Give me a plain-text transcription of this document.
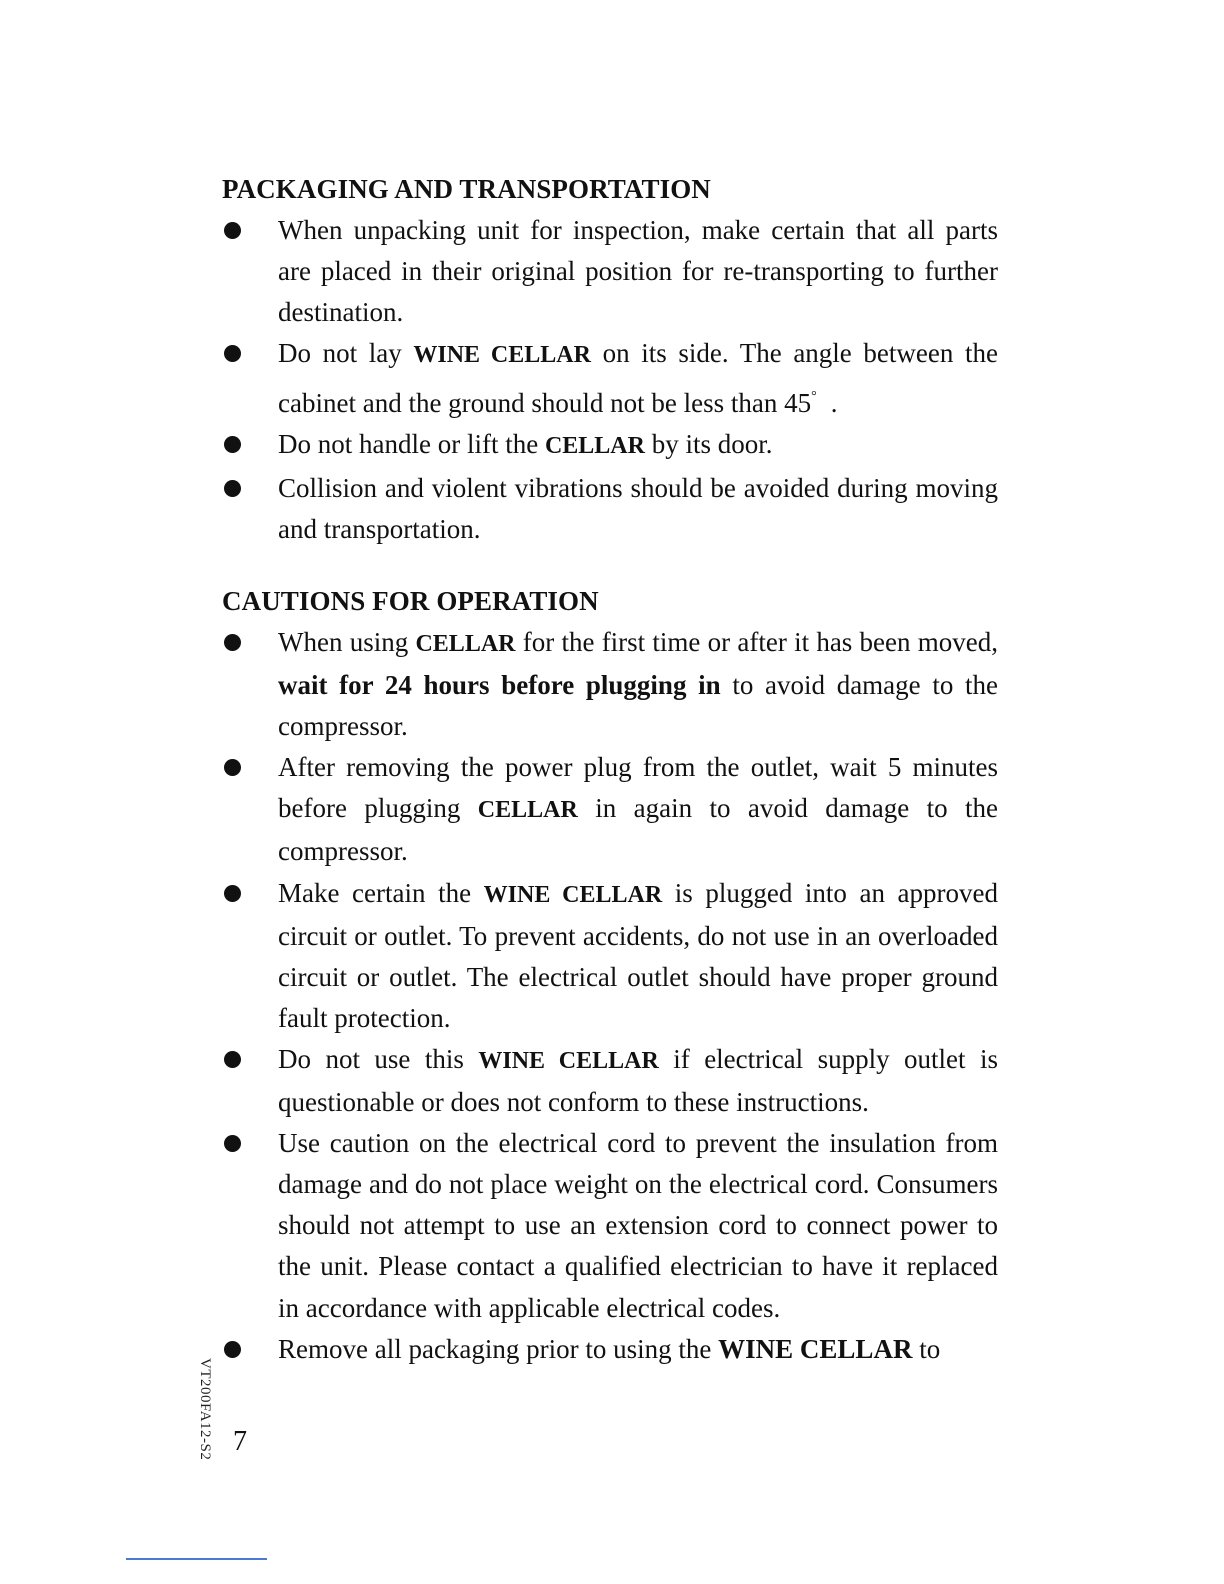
PACKAGING AND TRANSPORTATION
When unpacking unit for inspection, make certain that all parts are placed in their original position for re-transporting to further destination.
Do not lay WINE CELLAR on its side. The angle between the cabinet and the ground should not be less than 45° .
Do not handle or lift the CELLAR by its door.
Collision and violent vibrations should be avoided during moving and transportation.
CAUTIONS FOR OPERATION
When using CELLAR for the first time or after it has been moved, wait for 24 hours before plugging in to avoid damage to the compressor.
After removing the power plug from the outlet, wait 5 minutes before plugging CELLAR in again to avoid damage to the compressor.
Make certain the WINE CELLAR is plugged into an approved circuit or outlet. To prevent accidents, do not use in an overloaded circuit or outlet. The electrical outlet should have proper ground fault protection.
Do not use this WINE CELLAR if electrical supply outlet is questionable or does not conform to these instructions.
Use caution on the electrical cord to prevent the insulation from damage and do not place weight on the electrical cord. Consumers should not attempt to use an extension cord to connect power to the unit. Please contact a qualified electrician to have it replaced in accordance with applicable electrical codes.
Remove all packaging prior to using the WINE CELLAR to
VT200FA12-S2 7
